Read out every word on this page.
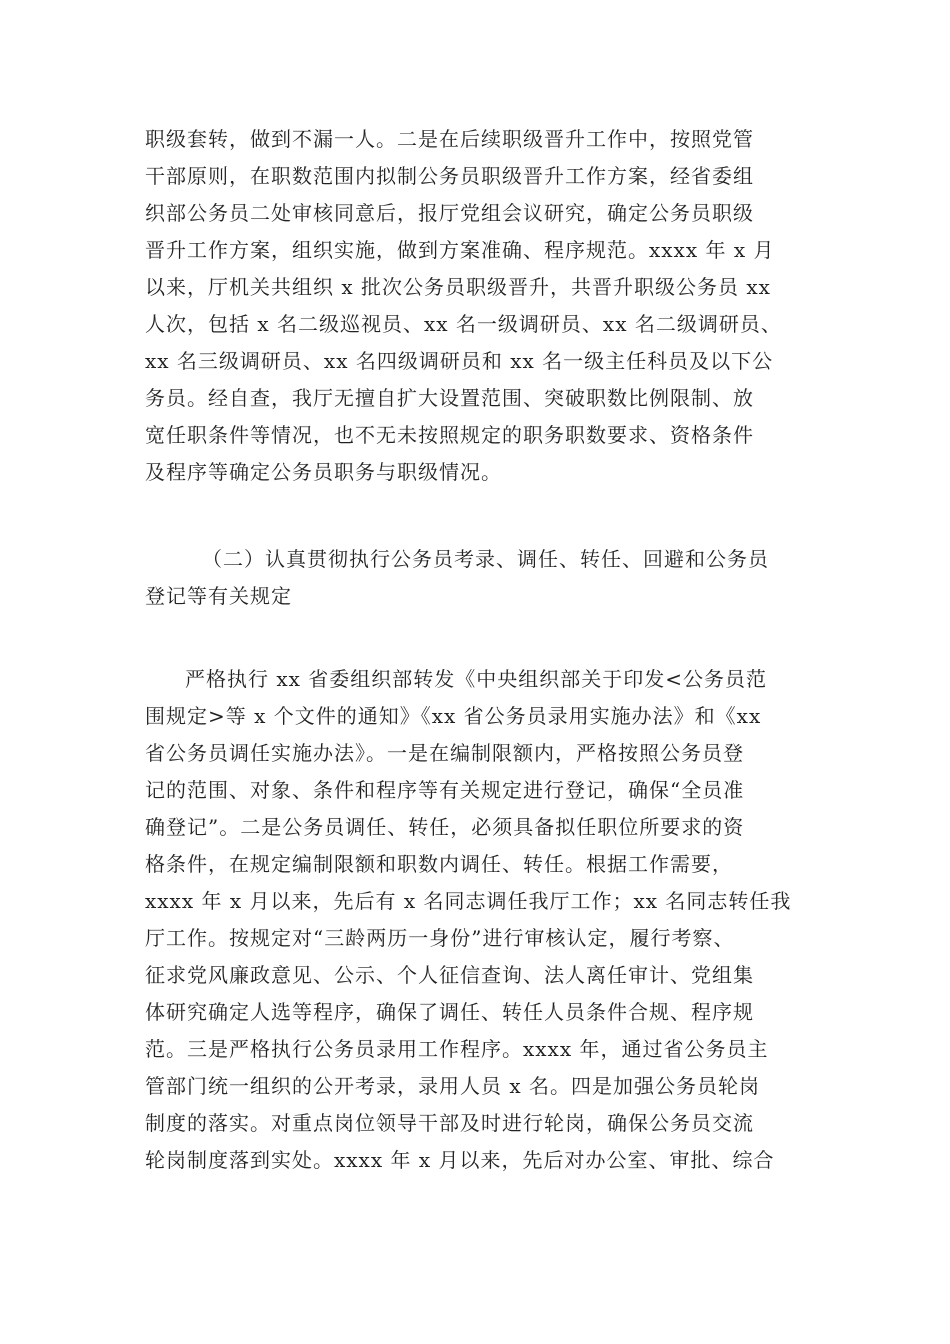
职级套转，做到不漏一人。二是在后续职级晋升工作中，按照党管
干部原则，在职数范围内拟制公务员职级晋升工作方案，经省委组
织部公务员二处审核同意后，报厅党组会议研究，确定公务员职级
晋升工作方案，组织实施，做到方案准确、程序规范。xxxx 年 x 月
以来，厅机关共组织 x 批次公务员职级晋升，共晋升职级公务员 xx
人次，包括 x 名二级巡视员、xx 名一级调研员、xx 名二级调研员、
xx 名三级调研员、xx 名四级调研员和 xx 名一级主任科员及以下公
务员。经自查，我厅无擅自扩大设置范围、突破职数比例限制、放
宽任职条件等情况，也不无未按照规定的职务职数要求、资格条件
及程序等确定公务员职务与职级情况。
（二）认真贯彻执行公务员考录、调任、转任、回避和公务员
登记等有关规定
严格执行 xx 省委组织部转发《中央组织部关于印发<公务员范
围规定>等 x 个文件的通知》《xx 省公务员录用实施办法》和《xx
省公务员调任实施办法》。一是在编制限额内，严格按照公务员登
记的范围、对象、条件和程序等有关规定进行登记，确保“全员准
确登记”。二是公务员调任、转任，必须具备拟任职位所要求的资
格条件，在规定编制限额和职数内调任、转任。根据工作需要，
xxxx 年 x 月以来，先后有 x 名同志调任我厅工作；xx 名同志转任我
厅工作。按规定对“三龄两历一身份”进行审核认定，履行考察、
征求党风廉政意见、公示、个人征信查询、法人离任审计、党组集
体研究确定人选等程序，确保了调任、转任人员条件合规、程序规
范。三是严格执行公务员录用工作程序。xxxx 年，通过省公务员主
管部门统一组织的公开考录，录用人员 x 名。四是加强公务员轮岗
制度的落实。对重点岗位领导干部及时进行轮岗，确保公务员交流
轮岗制度落到实处。xxxx 年 x 月以来，先后对办公室、审批、综合
